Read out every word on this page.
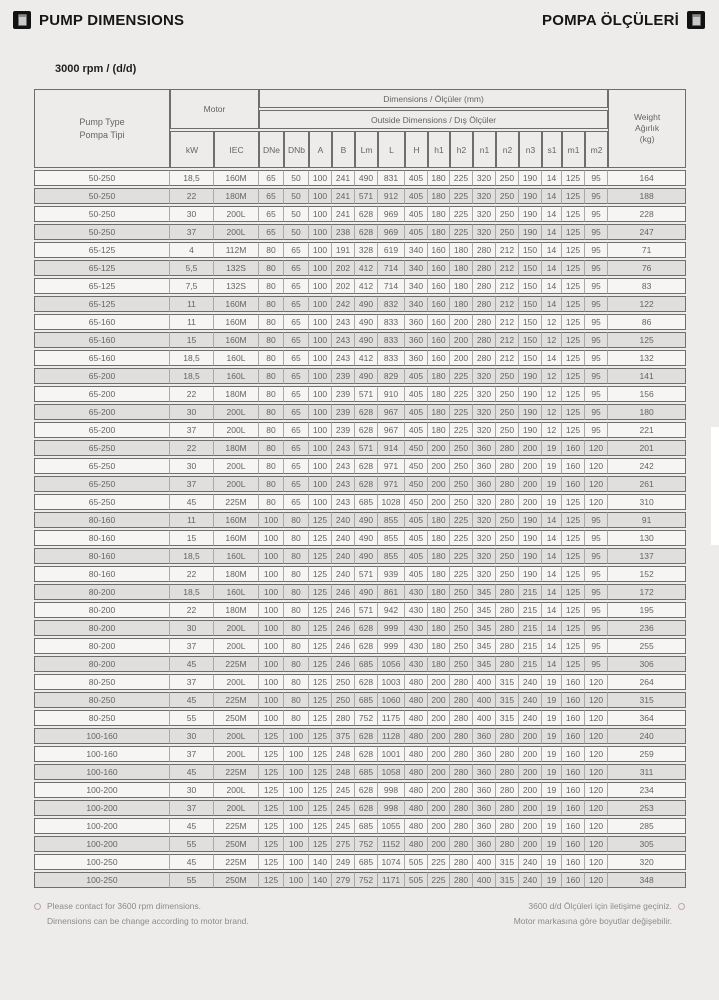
PUMP DIMENSIONS	POMPA ÖLÇÜLERİ
3000 rpm / (d/d)
Pump Type
Pompa Tipi
	Motor	Dimensions / Ölçüler (mm)	
Weight
Ağırlık
(kg)

			Outside Dimensions / Dış Ölçüler															
	kW	IEC	DNe	DNb	A	B	Lm	L	H	h1	h2	n1	n2	n3	s1	m1	m2	
50-250	18,5	160M	65	50	100	241	490	831	405	180	225	320	250	190	14	125	95	164
50-250	22	180M	65	50	100	241	571	912	405	180	225	320	250	190	14	125	95	188
50-250	30	200L	65	50	100	241	628	969	405	180	225	320	250	190	14	125	95	228
50-250	37	200L	65	50	100	238	628	969	405	180	225	320	250	190	14	125	95	247
65-125	4	112M	80	65	100	191	328	619	340	160	180	280	212	150	14	125	95	71
65-125	5,5	132S	80	65	100	202	412	714	340	160	180	280	212	150	14	125	95	76
65-125	7,5	132S	80	65	100	202	412	714	340	160	180	280	212	150	14	125	95	83
65-125	11	160M	80	65	100	242	490	832	340	160	180	280	212	150	14	125	95	122
65-160	11	160M	80	65	100	243	490	833	360	160	200	280	212	150	12	125	95	86
65-160	15	160M	80	65	100	243	490	833	360	160	200	280	212	150	12	125	95	125
65-160	18,5	160L	80	65	100	243	412	833	360	160	200	280	212	150	14	125	95	132
65-200	18,5	160L	80	65	100	239	490	829	405	180	225	320	250	190	12	125	95	141
65-200	22	180M	80	65	100	239	571	910	405	180	225	320	250	190	12	125	95	156
65-200	30	200L	80	65	100	239	628	967	405	180	225	320	250	190	12	125	95	180
65-200	37	200L	80	65	100	239	628	967	405	180	225	320	250	190	12	125	95	221
65-250	22	180M	80	65	100	243	571	914	450	200	250	360	280	200	19	160	120	201
65-250	30	200L	80	65	100	243	628	971	450	200	250	360	280	200	19	160	120	242
65-250	37	200L	80	65	100	243	628	971	450	200	250	360	280	200	19	160	120	261
65-250	45	225M	80	65	100	243	685	1028	450	200	250	320	280	200	19	125	120	310
80-160	11	160M	100	80	125	240	490	855	405	180	225	320	250	190	14	125	95	91
80-160	15	160M	100	80	125	240	490	855	405	180	225	320	250	190	14	125	95	130
80-160	18,5	160L	100	80	125	240	490	855	405	180	225	320	250	190	14	125	95	137
80-160	22	180M	100	80	125	240	571	939	405	180	225	320	250	190	14	125	95	152
80-200	18,5	160L	100	80	125	246	490	861	430	180	250	345	280	215	14	125	95	172
80-200	22	180M	100	80	125	246	571	942	430	180	250	345	280	215	14	125	95	195
80-200	30	200L	100	80	125	246	628	999	430	180	250	345	280	215	14	125	95	236
80-200	37	200L	100	80	125	246	628	999	430	180	250	345	280	215	14	125	95	255
80-200	45	225M	100	80	125	246	685	1056	430	180	250	345	280	215	14	125	95	306
80-250	37	200L	100	80	125	250	628	1003	480	200	280	400	315	240	19	160	120	264
80-250	45	225M	100	80	125	250	685	1060	480	200	280	400	315	240	19	160	120	315
80-250	55	250M	100	80	125	280	752	1175	480	200	280	400	315	240	19	160	120	364
100-160	30	200L	125	100	125	375	628	1128	480	200	280	360	280	200	19	160	120	240
100-160	37	200L	125	100	125	248	628	1001	480	200	280	360	280	200	19	160	120	259
100-160	45	225M	125	100	125	248	685	1058	480	200	280	360	280	200	19	160	120	311
100-200	30	200L	125	100	125	245	628	998	480	200	280	360	280	200	19	160	120	234
100-200	37	200L	125	100	125	245	628	998	480	200	280	360	280	200	19	160	120	253
100-200	45	225M	125	100	125	245	685	1055	480	200	280	360	280	200	19	160	120	285
100-200	55	250M	125	100	125	275	752	1152	480	200	280	360	280	200	19	160	120	305
100-250	45	225M	125	100	140	249	685	1074	505	225	280	400	315	240	19	160	120	320
100-250	55	250M	125	100	140	279	752	1171	505	225	280	400	315	240	19	160	120	348
Please contact for 3600 rpm dimensions.
Dimensions can be change according to motor brand.
3600 d/d Ölçüleri için iletişime geçiniz.
Motor markasına göre boyutlar değişebilir.
